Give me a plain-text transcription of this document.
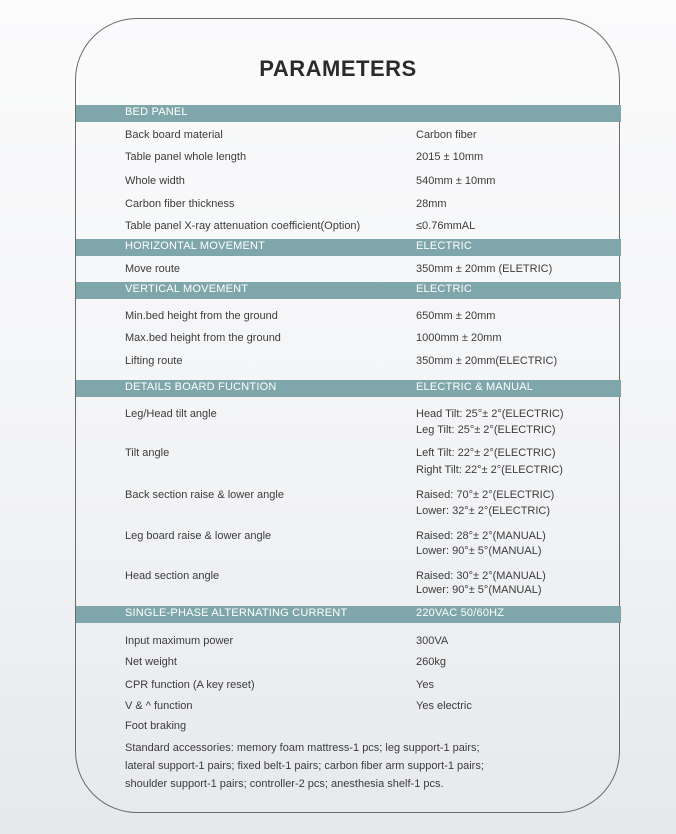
PARAMETERS
BED PANEL
Back board material	Carbon fiber
Table panel whole length	2015 ± 10mm
Whole width	540mm ± 10mm
Carbon fiber thickness	28mm
Table panel X-ray attenuation coefficient(Option)	≤0.76mmAL
HORIZONTAL MOVEMENT	ELECTRIC
Move route	350mm ± 20mm (ELETRIC)
VERTICAL MOVEMENT	ELECTRIC
Min.bed height from the ground	650mm ± 20mm
Max.bed height from the ground	1000mm ± 20mm
Lifting route	350mm ± 20mm(ELECTRIC)
DETAILS BOARD FUCNTION	ELECTRIC & MANUAL
Leg/Head tilt angle	Head Tilt: 25°± 2°(ELECTRIC)
Leg Tilt: 25°± 2°(ELECTRIC)
Tilt angle	Left Tilt: 22°± 2°(ELECTRIC)
Right Tilt: 22°± 2°(ELECTRIC)
Back section raise & lower angle	Raised: 70°± 2°(ELECTRIC)
Lower: 32°± 2°(ELECTRIC)
Leg board raise & lower angle	Raised: 28°± 2°(MANUAL)
Lower: 90°± 5°(MANUAL)
Head section angle	Raised: 30°± 2°(MANUAL)
Lower: 90°± 5°(MANUAL)
SINGLE-PHASE ALTERNATING CURRENT	220VAC 50/60HZ
Input maximum power	300VA
Net weight	260kg
CPR function (A key reset)	Yes
V & ^ function	Yes electric
Foot braking
Standard accessories: memory foam mattress-1 pcs; leg support-1 pairs;
lateral support-1 pairs; fixed belt-1 pairs; carbon fiber arm support-1 pairs;
shoulder support-1 pairs; controller-2 pcs; anesthesia shelf-1 pcs.
